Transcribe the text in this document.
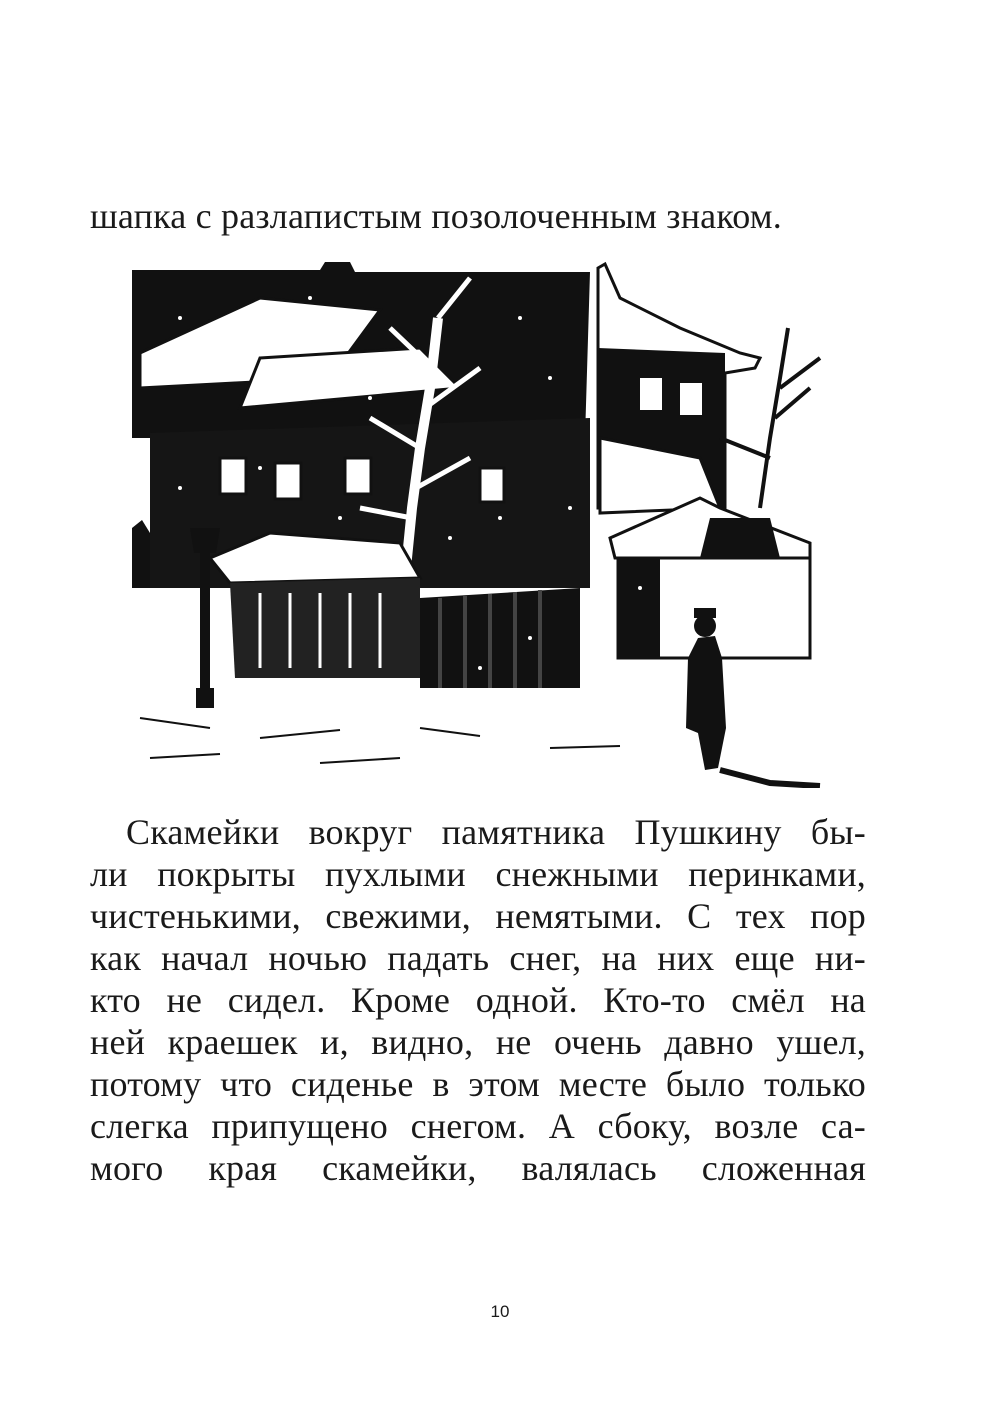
шапка с разлапистым позолоченным знаком.
Скамейки вокруг памятника Пушкину бы-
ли покрыты пухлыми снежными перинками,
чистенькими, свежими, немятыми. С тех пор
как начал ночью падать снег, на них еще ни-
кто не сидел. Кроме одной. Кто-то смёл на
ней краешек и, видно, не очень давно ушел,
потому что сиденье в этом месте было только
слегка припущено снегом. А сбоку, возле са-
мого края скамейки, валялась сложенная
10
